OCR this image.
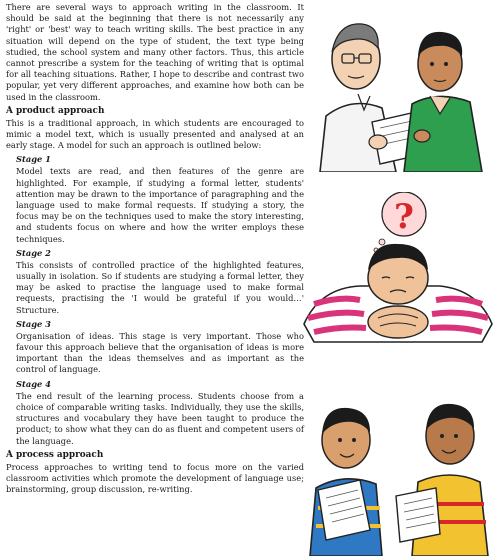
There are several ways to approach writing in the classroom. It should be said at the beginning that there is not necessarily any 'right' or 'best' way to teach writing skills. The best practice in any situation will depend on the type of student, the text type being studied, the school system and many other factors. Thus, this article cannot prescribe a system for the teaching of writing that is optimal for all teaching situations. Rather, I hope to describe and contrast two popular, yet very different approaches, and examine how both can be used in the classroom.

A product approach

This is a traditional approach, in which students are encouraged to mimic a model text, which is usually presented and analysed at an early stage. A model for such an approach is outlined below:

Stage 1

Model texts are read, and then features of the genre are highlighted. For example, if studying a formal letter, students' attention may be drawn to the importance of paragraphing and the language used to make formal requests. If studying a story, the focus may be on the techniques used to make the story interesting, and students focus on where and how the writer employs these techniques.

Stage 2

This consists of controlled practice of the highlighted features, usually in isolation. So if students are studying a formal letter, they may be asked to practise the language used to make formal requests, practising the 'I would be grateful if you would…' Structure.

Stage 3

Organisation of ideas. This stage is very important. Those who favour this approach believe that the organisation of ideas is more important than the ideas themselves and as important as the control of language.

Stage 4

The end result of the learning process. Students choose from a choice of comparable writing tasks. Individually, they use the skills, structures and vocabulary they have been taught to produce the product; to show what they can do as fluent and competent users of the language.

A process approach

Process approaches to writing tend to focus more on the varied classroom activities which promote the development of language use; brainstorming, group discussion, re-writing.

?
